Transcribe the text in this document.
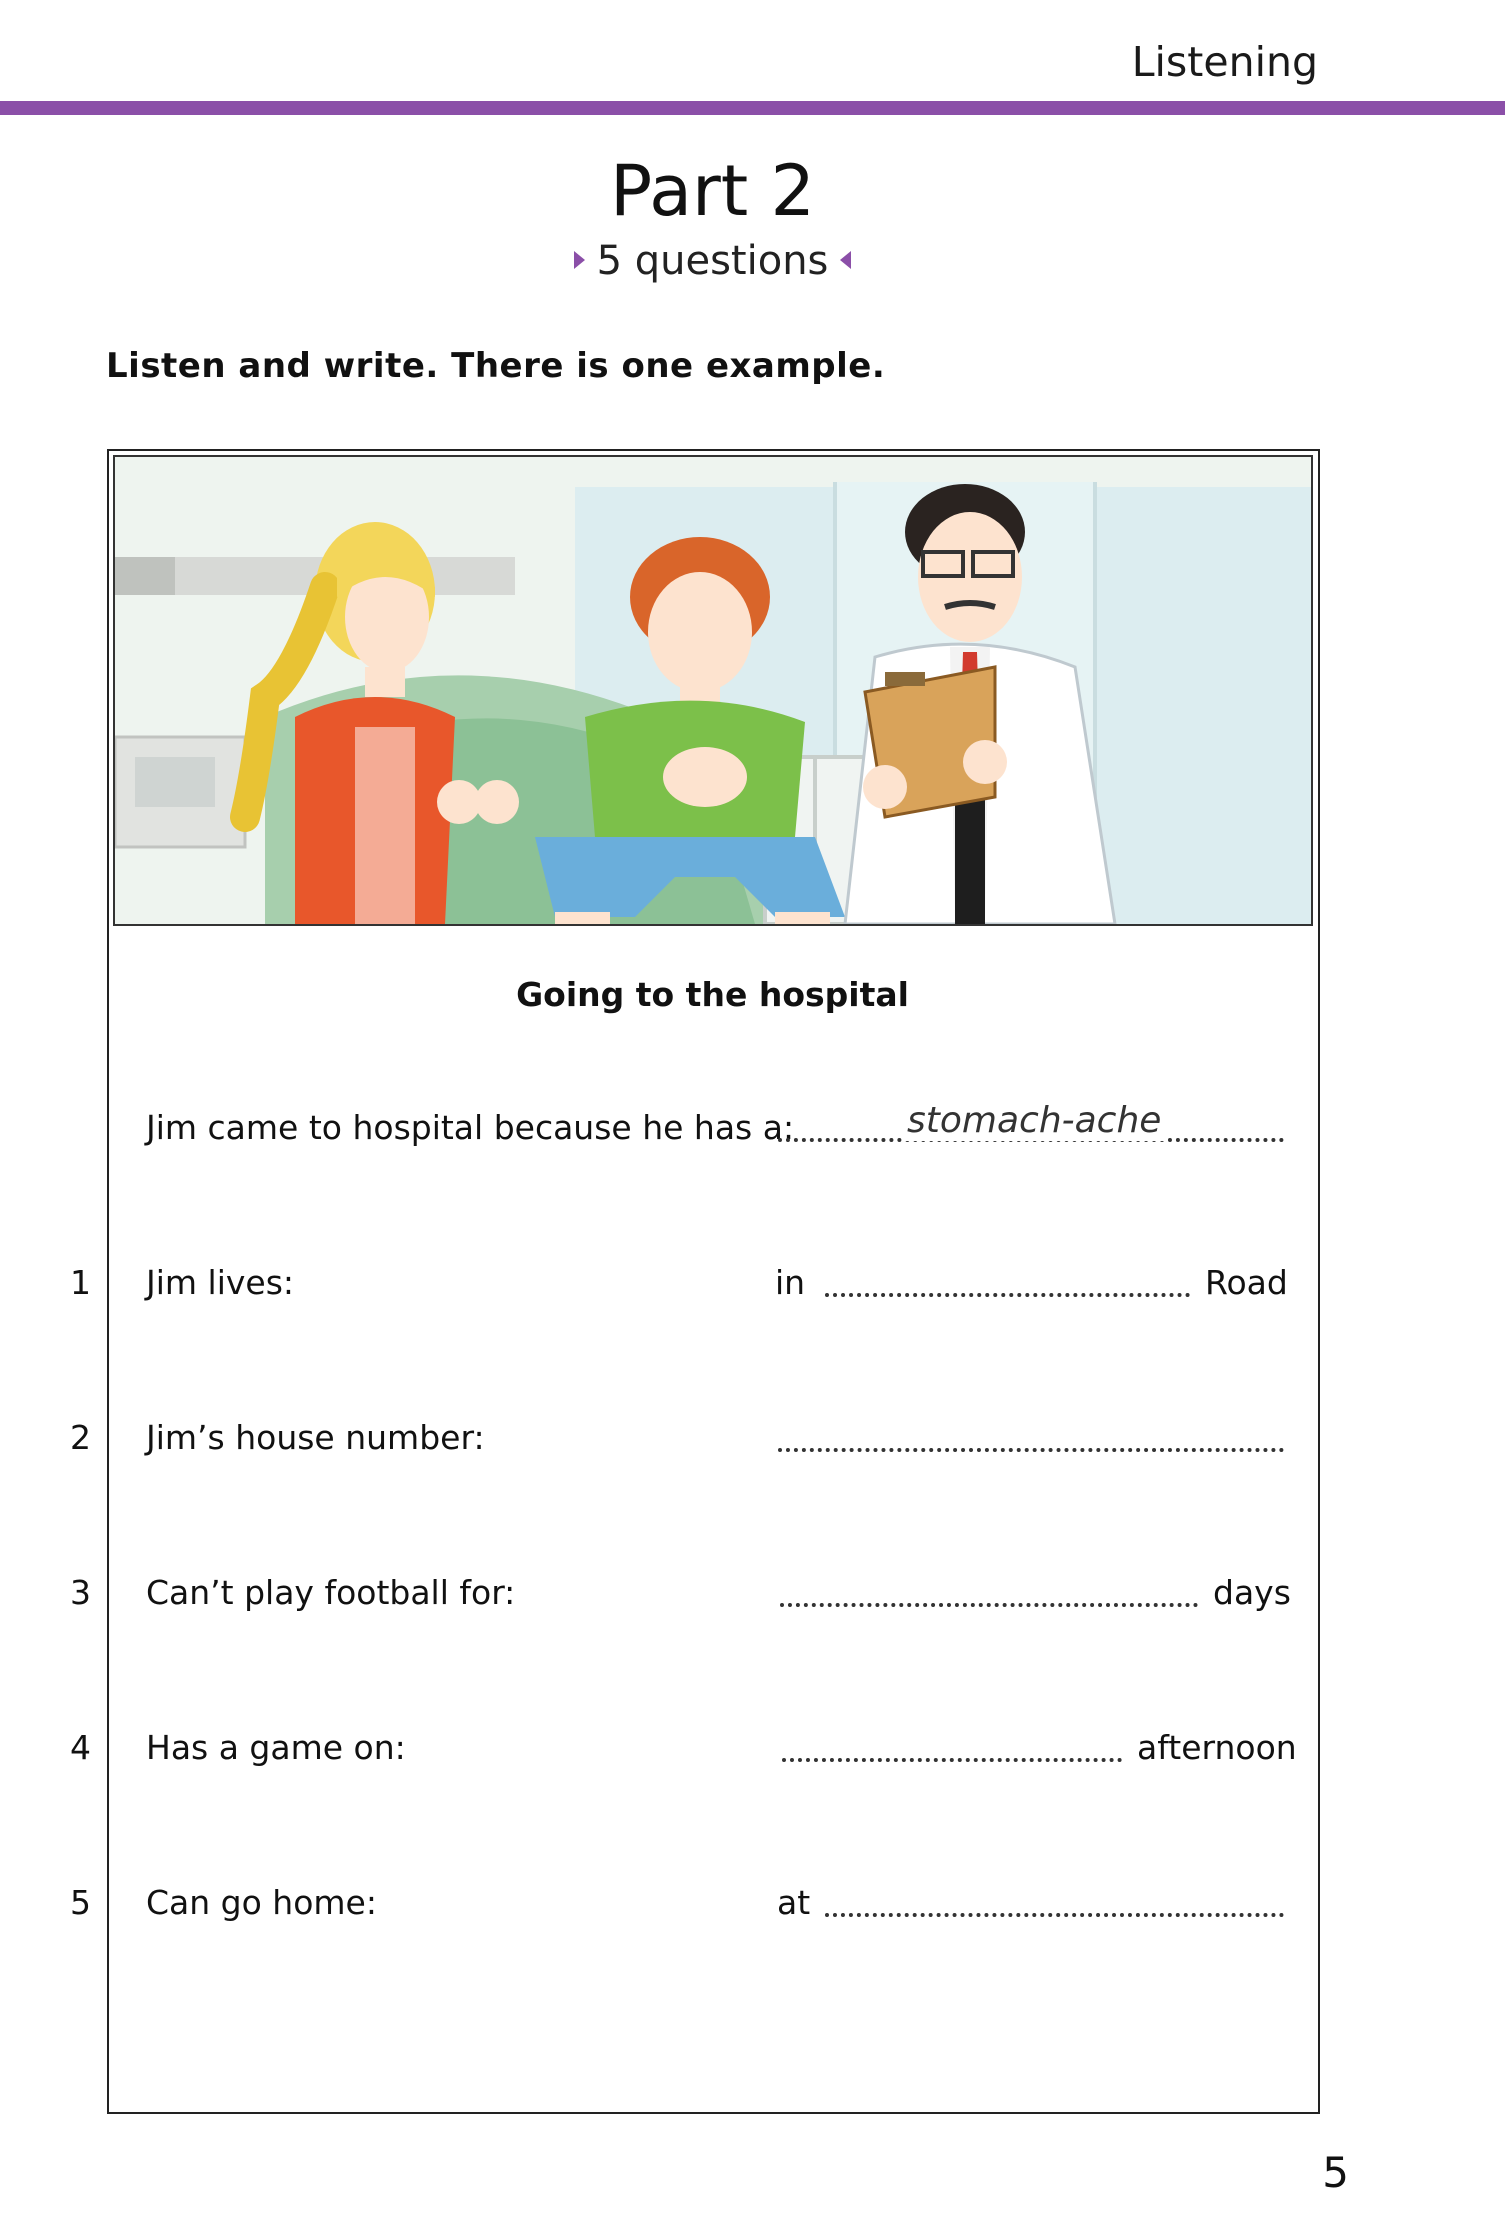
Listening
Part 2
5 questions
Listen and write. There is one example.
Going to the hospital
Jim came to hospital because he has a:	stomach-ache
1 Jim lives:	in	Road
2 Jim’s house number:
3 Can’t play football for:	days
4 Has a game on:	afternoon
5 Can go home:	at
5
